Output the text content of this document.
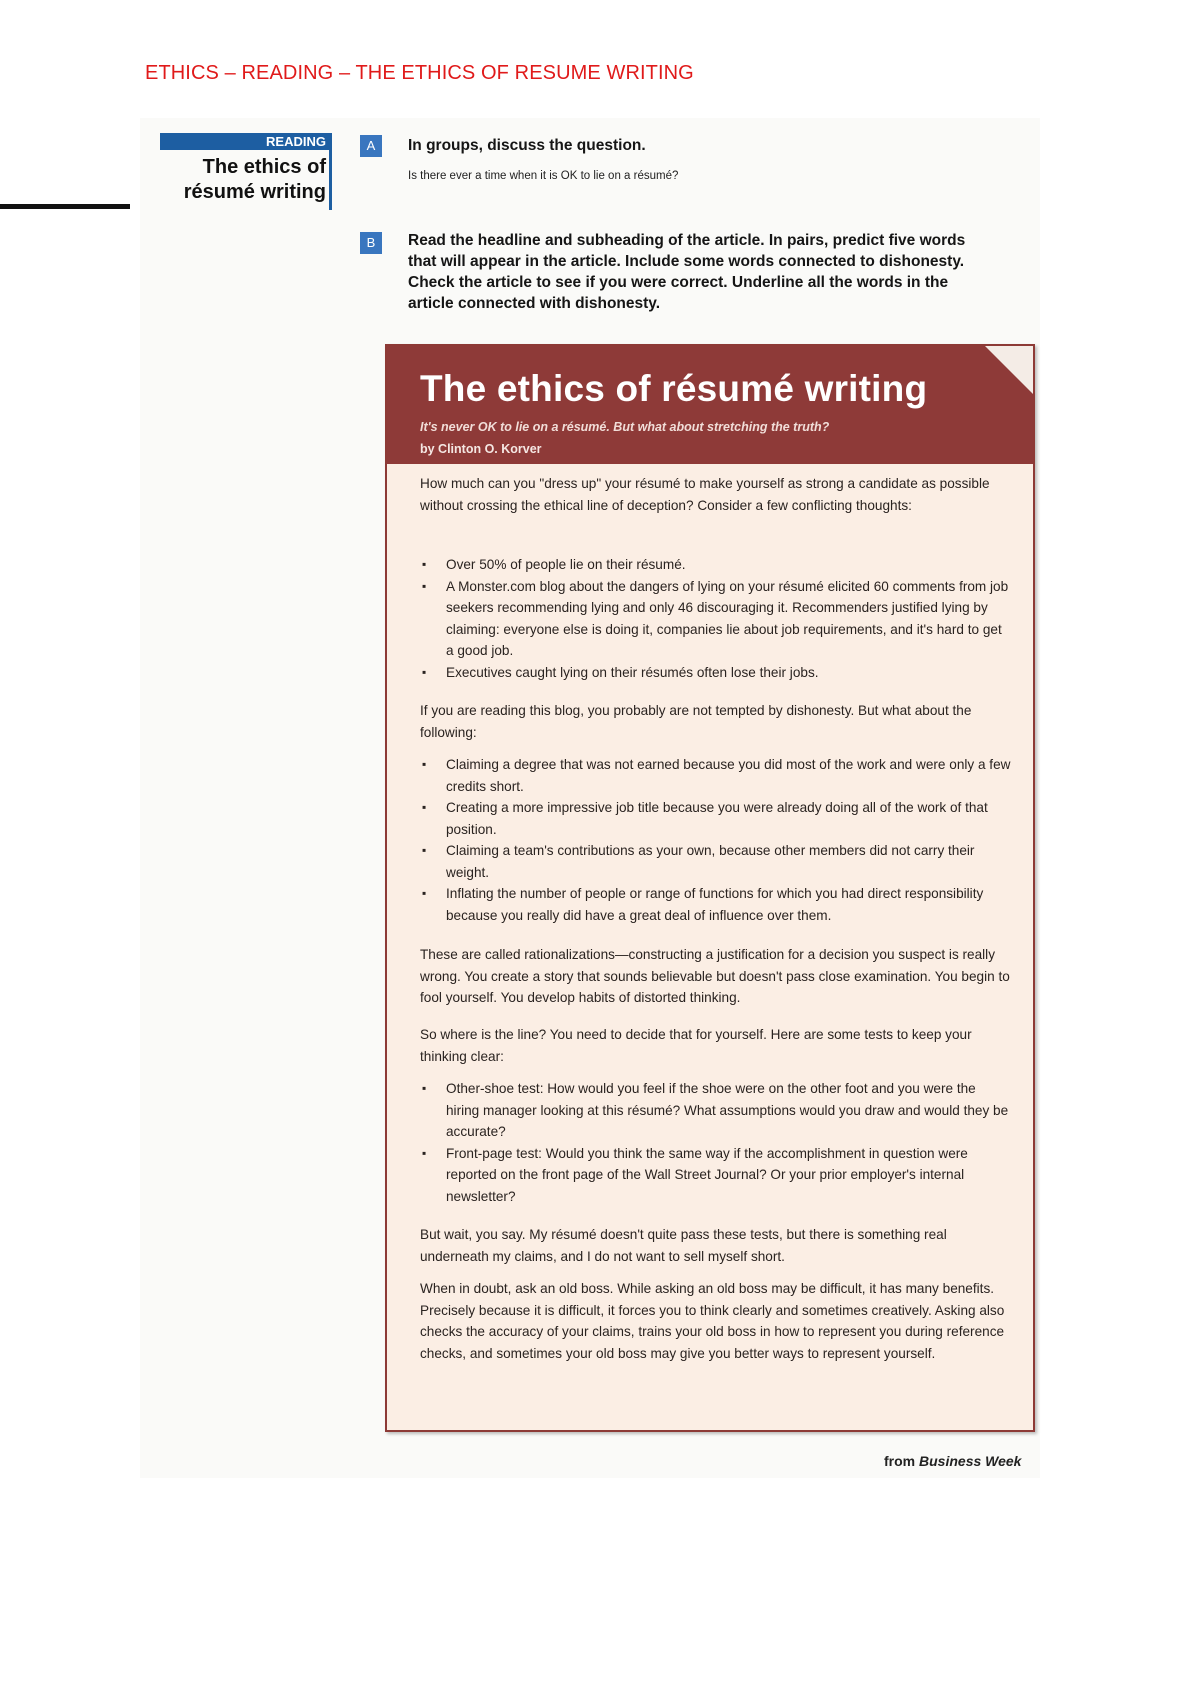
ETHICS – READING – THE ETHICS OF RESUME WRITING
READING
The ethics of
résumé writing
A	In groups, discuss the question.
Is there ever a time when it is OK to lie on a résumé?
B	Read the headline and subheading of the article. In pairs, predict five words
that will appear in the article. Include some words connected to dishonesty.
Check the article to see if you were correct. Underline all the words in the
article connected with dishonesty.
The ethics of résumé writing
It's never OK to lie on a résumé. But what about stretching the truth?
by Clinton O. Korver
How much can you "dress up" your résumé to make yourself as strong a candidate as possible without crossing the ethical line of deception? Consider a few conflicting thoughts:
▪ Over 50% of people lie on their résumé.
▪ A Monster.com blog about the dangers of lying on your résumé elicited 60 comments from job seekers recommending lying and only 46 discouraging it. Recommenders justified lying by claiming: everyone else is doing it, companies lie about job requirements, and it's hard to get a good job.
▪ Executives caught lying on their résumés often lose their jobs.
If you are reading this blog, you probably are not tempted by dishonesty. But what about the following:
▪ Claiming a degree that was not earned because you did most of the work and were only a few credits short.
▪ Creating a more impressive job title because you were already doing all of the work of that position.
▪ Claiming a team's contributions as your own, because other members did not carry their weight.
▪ Inflating the number of people or range of functions for which you had direct responsibility because you really did have a great deal of influence over them.
These are called rationalizations—constructing a justification for a decision you suspect is really wrong. You create a story that sounds believable but doesn't pass close examination. You begin to fool yourself. You develop habits of distorted thinking.
So where is the line? You need to decide that for yourself. Here are some tests to keep your thinking clear:
▪ Other-shoe test: How would you feel if the shoe were on the other foot and you were the hiring manager looking at this résumé? What assumptions would you draw and would they be accurate?
▪ Front-page test: Would you think the same way if the accomplishment in question were reported on the front page of the Wall Street Journal? Or your prior employer's internal newsletter?
But wait, you say. My résumé doesn't quite pass these tests, but there is something real underneath my claims, and I do not want to sell myself short.
When in doubt, ask an old boss. While asking an old boss may be difficult, it has many benefits. Precisely because it is difficult, it forces you to think clearly and sometimes creatively. Asking also checks the accuracy of your claims, trains your old boss in how to represent you during reference checks, and sometimes your old boss may give you better ways to represent yourself.
from Business Week
